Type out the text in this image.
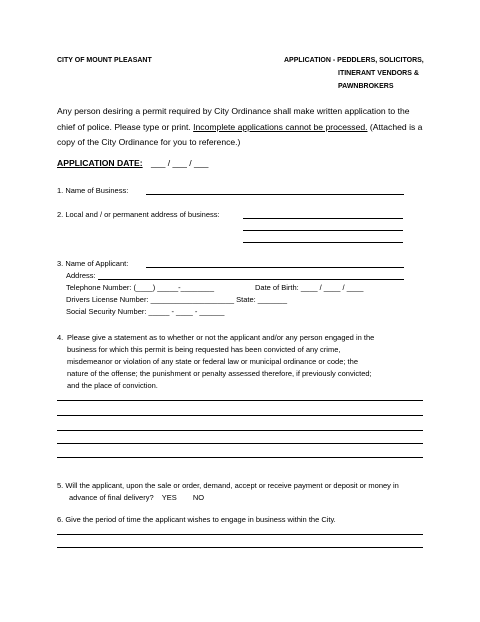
CITY OF MOUNT PLEASANT	APPLICATION - PEDDLERS, SOLICITORS,
ITINERANT VENDORS &
PAWNBROKERS
Any person desiring a permit required by City Ordinance shall make written application to the chief of police. Please type or print. Incomplete applications cannot be processed. (Attached is a copy of the City Ordinance for you to reference.)
APPLICATION DATE: ___ / ___ / ___
1. Name of Business:
2. Local and / or permanent address of business:
3. Name of Applicant:
Address:
Telephone Number: (____) _____-________	Date of Birth: ____ / ____ / ____
Drivers License Number: ____________________ State: _______
Social Security Number: _____ - ____ - ______
4. Please give a statement as to whether or not the applicant and/or any person engaged in the
business for which this permit is being requested has been convicted of any crime,
misdemeanor or violation of any state or federal law or municipal ordinance or code; the
nature of the offense; the punishment or penalty assessed therefore, if previously convicted;
and the place of conviction.
5. Will the applicant, upon the sale or order, demand, accept or receive payment or deposit or money in
advance of final delivery? YES NO
6. Give the period of time the applicant wishes to engage in business within the City.
